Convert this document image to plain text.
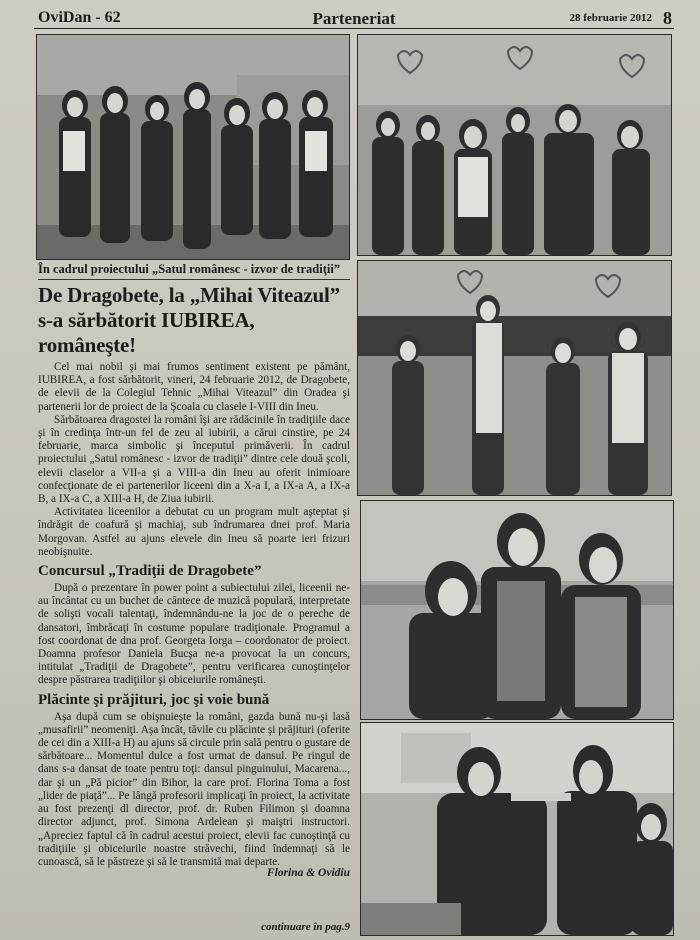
OviDan - 62	Parteneriat	28 februarie 2012 8
În cadrul proiectului „Satul românesc - izvor de tradiţii”
De Dragobete, la „Mihai Viteazul” s-a sărbătorit IUBIREA, româneşte!

Cel mai nobil şi mai frumos sentiment existent pe pământ, IUBIREA, a fost sărbătorit, vineri, 24 februarie 2012, de Dragobete, de elevii de la Colegiul Tehnic „Mihai Viteazul” din Oradea şi partenerii lor de proiect de la Şcoala cu clasele I-VIII din Ineu.

Sărbătoarea dragostei la români îşi are rădăcinile în tradiţiile dace şi în credinţa într-un fel de zeu al iubirii, a cărui cinstire, pe 24 februarie, marca simbolic şi începutul primăverii. În cadrul proiectului „Satul românesc - izvor de tradiţii” dintre cele două şcoli, elevii claselor a VII-a şi a VIII-a din Ineu au oferit inimioare confecţionate de ei partenerilor liceeni din a X-a I, a IX-a A, a IX-a B, a IX-a C, a XIII-a H, de Ziua iubirii.

Activitatea liceenilor a debutat cu un program mult aşteptat şi îndrăgit de coafură şi machiaj, sub îndrumarea dnei prof. Maria Morgovan. Astfel au ajuns elevele din Ineu să poarte ieri frizuri neobişnuite.

Concursul „Tradiţii de Dragobete”

După o prezentare în power point a subiectului zilei, liceenii ne-au încântat cu un buchet de cântece de muzică populară, interpretate de solişti vocali talentaţi, îndemnându-ne la joc de o pereche de dansatori, îmbrăcaţi în costume populare tradiţionale. Programul a fost coordonat de dna prof. Georgeta Iorga – coordonator de proiect. Doamna profesor Daniela Bucşa ne-a provocat la un concurs, intitulat „Tradiţii de Dragobete”, pentru verificarea cunoştinţelor despre păstrarea tradiţiilor şi obiceiurile româneşti.

Plăcinte şi prăjituri, joc şi voie bună

Aşa după cum se obişnuieşte la români, gazda bună nu-şi lasă „musafirii” neomeniţi. Aşa încât, tăvile cu plăcinte şi prăjituri (oferite de cei din a XIII-a H) au ajuns să circule prin sală pentru o gustare de sărbătoare... Momentul dulce a fost urmat de dansul. Pe ringul de dans s-a dansat de toate pentru toţi: dansul pinguinului, Macarena..., dar şi un „Pă picior” din Bihor, la care prof. Florina Toma a fost „lider de piaţă”... Pe lângă profesorii implicaţi în proiect, la activitate au fost prezenţi dl director, prof. dr. Ruben Filimon şi doamna director adjunct, prof. Simona Ardelean şi maiştri instructori. „Apreciez faptul că în cadrul acestui proiect, elevii fac cunoştinţă cu tradiţiile şi obiceiurile noastre străvechi, fiind îndemnaţi să le cunoască, să le păstreze şi să le transmită mai departe.

Florina & Ovidiu
continuare în pag.9
